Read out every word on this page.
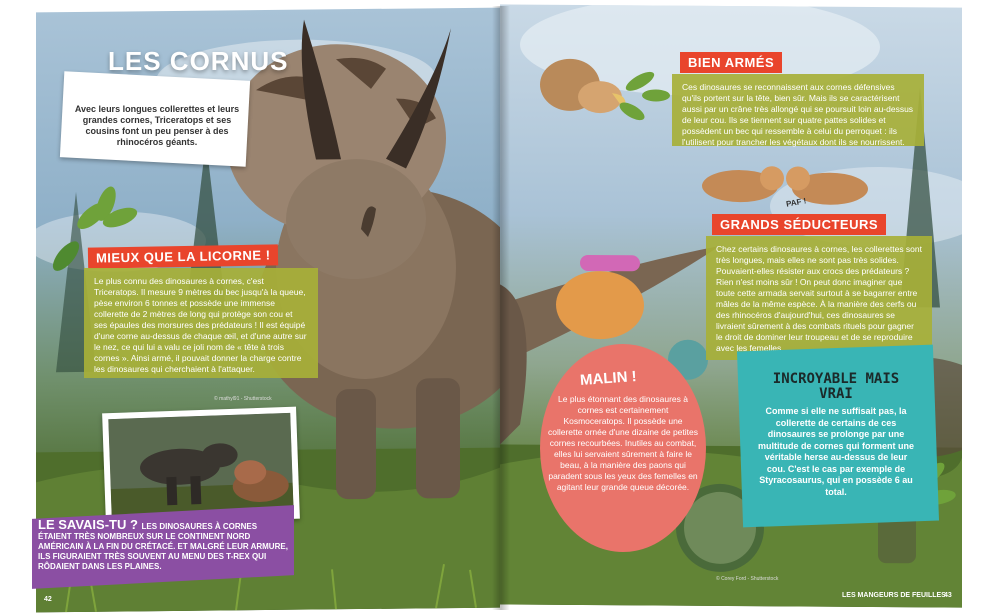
LES CORNUS
Avec leurs longues collerettes et leurs grandes cornes, Triceratops et ses cousins font un peu penser à des rhinocéros géants.
MIEUX QUE LA LICORNE !
Le plus connu des dinosaures à cornes, c'est Triceratops. Il mesure 9 mètres du bec jusqu'à la queue, pèse environ 6 tonnes et possède une immense collerette de 2 mètres de long qui protège son cou et ses épaules des morsures des prédateurs ! Il est équipé d'une corne au-dessus de chaque œil, et d'une autre sur le nez, ce qui lui a valu ce joli nom de « tête à trois cornes ». Ainsi armé, il pouvait donner la charge contre les dinosaures qui cherchaient à l'attaquer.
© mathyl91 - Shutterstock
LE SAVAIS-TU ? LES DINOSAURES À CORNES ÉTAIENT TRÈS NOMBREUX SUR LE CONTINENT NORD AMÉRICAIN À LA FIN DU CRÉTACÉ. ET MALGRÉ LEUR ARMURE, ILS FIGURAIENT TRÈS SOUVENT AU MENU DES T-REX QUI RÔDAIENT DANS LES PLAINES.
42
BIEN ARMÉS
Ces dinosaures se reconnaissent aux cornes défensives qu'ils portent sur la tête, bien sûr. Mais ils se caractérisent aussi par un crâne très allongé qui se poursuit loin au-dessus de leur cou. Ils se tiennent sur quatre pattes solides et possèdent un bec qui ressemble à celui du perroquet : ils l'utilisent pour trancher les végétaux dont ils se nourrissent.
PAF !
GRANDS SÉDUCTEURS
Chez certains dinosaures à cornes, les collerettes sont très longues, mais elles ne sont pas très solides. Pouvaient-elles résister aux crocs des prédateurs ? Rien n'est moins sûr ! On peut donc imaginer que toute cette armada servait surtout à se bagarrer entre mâles de la même espèce. À la manière des cerfs ou des rhinocéros d'aujourd'hui, ces dinosaures se livraient sûrement à des combats rituels pour gagner le droit de dominer leur troupeau et de se reproduire avec les femelles.
MALIN !
Le plus étonnant des dinosaures à cornes est certainement Kosmoceratops. Il possède une collerette ornée d'une dizaine de petites cornes recourbées. Inutiles au combat, elles lui servaient sûrement à faire le beau, à la manière des paons qui paradent sous les yeux des femelles en agitant leur grande queue décorée.
INCROYABLE MAIS VRAI
Comme si elle ne suffisait pas, la collerette de certains de ces dinosaures se prolonge par une multitude de cornes qui forment une véritable herse au-dessus de leur cou. C'est le cas par exemple de Styracosaurus, qui en possède 6 au total.
© Corey Ford - Shutterstock
LES MANGEURS DE FEUILLES
43
